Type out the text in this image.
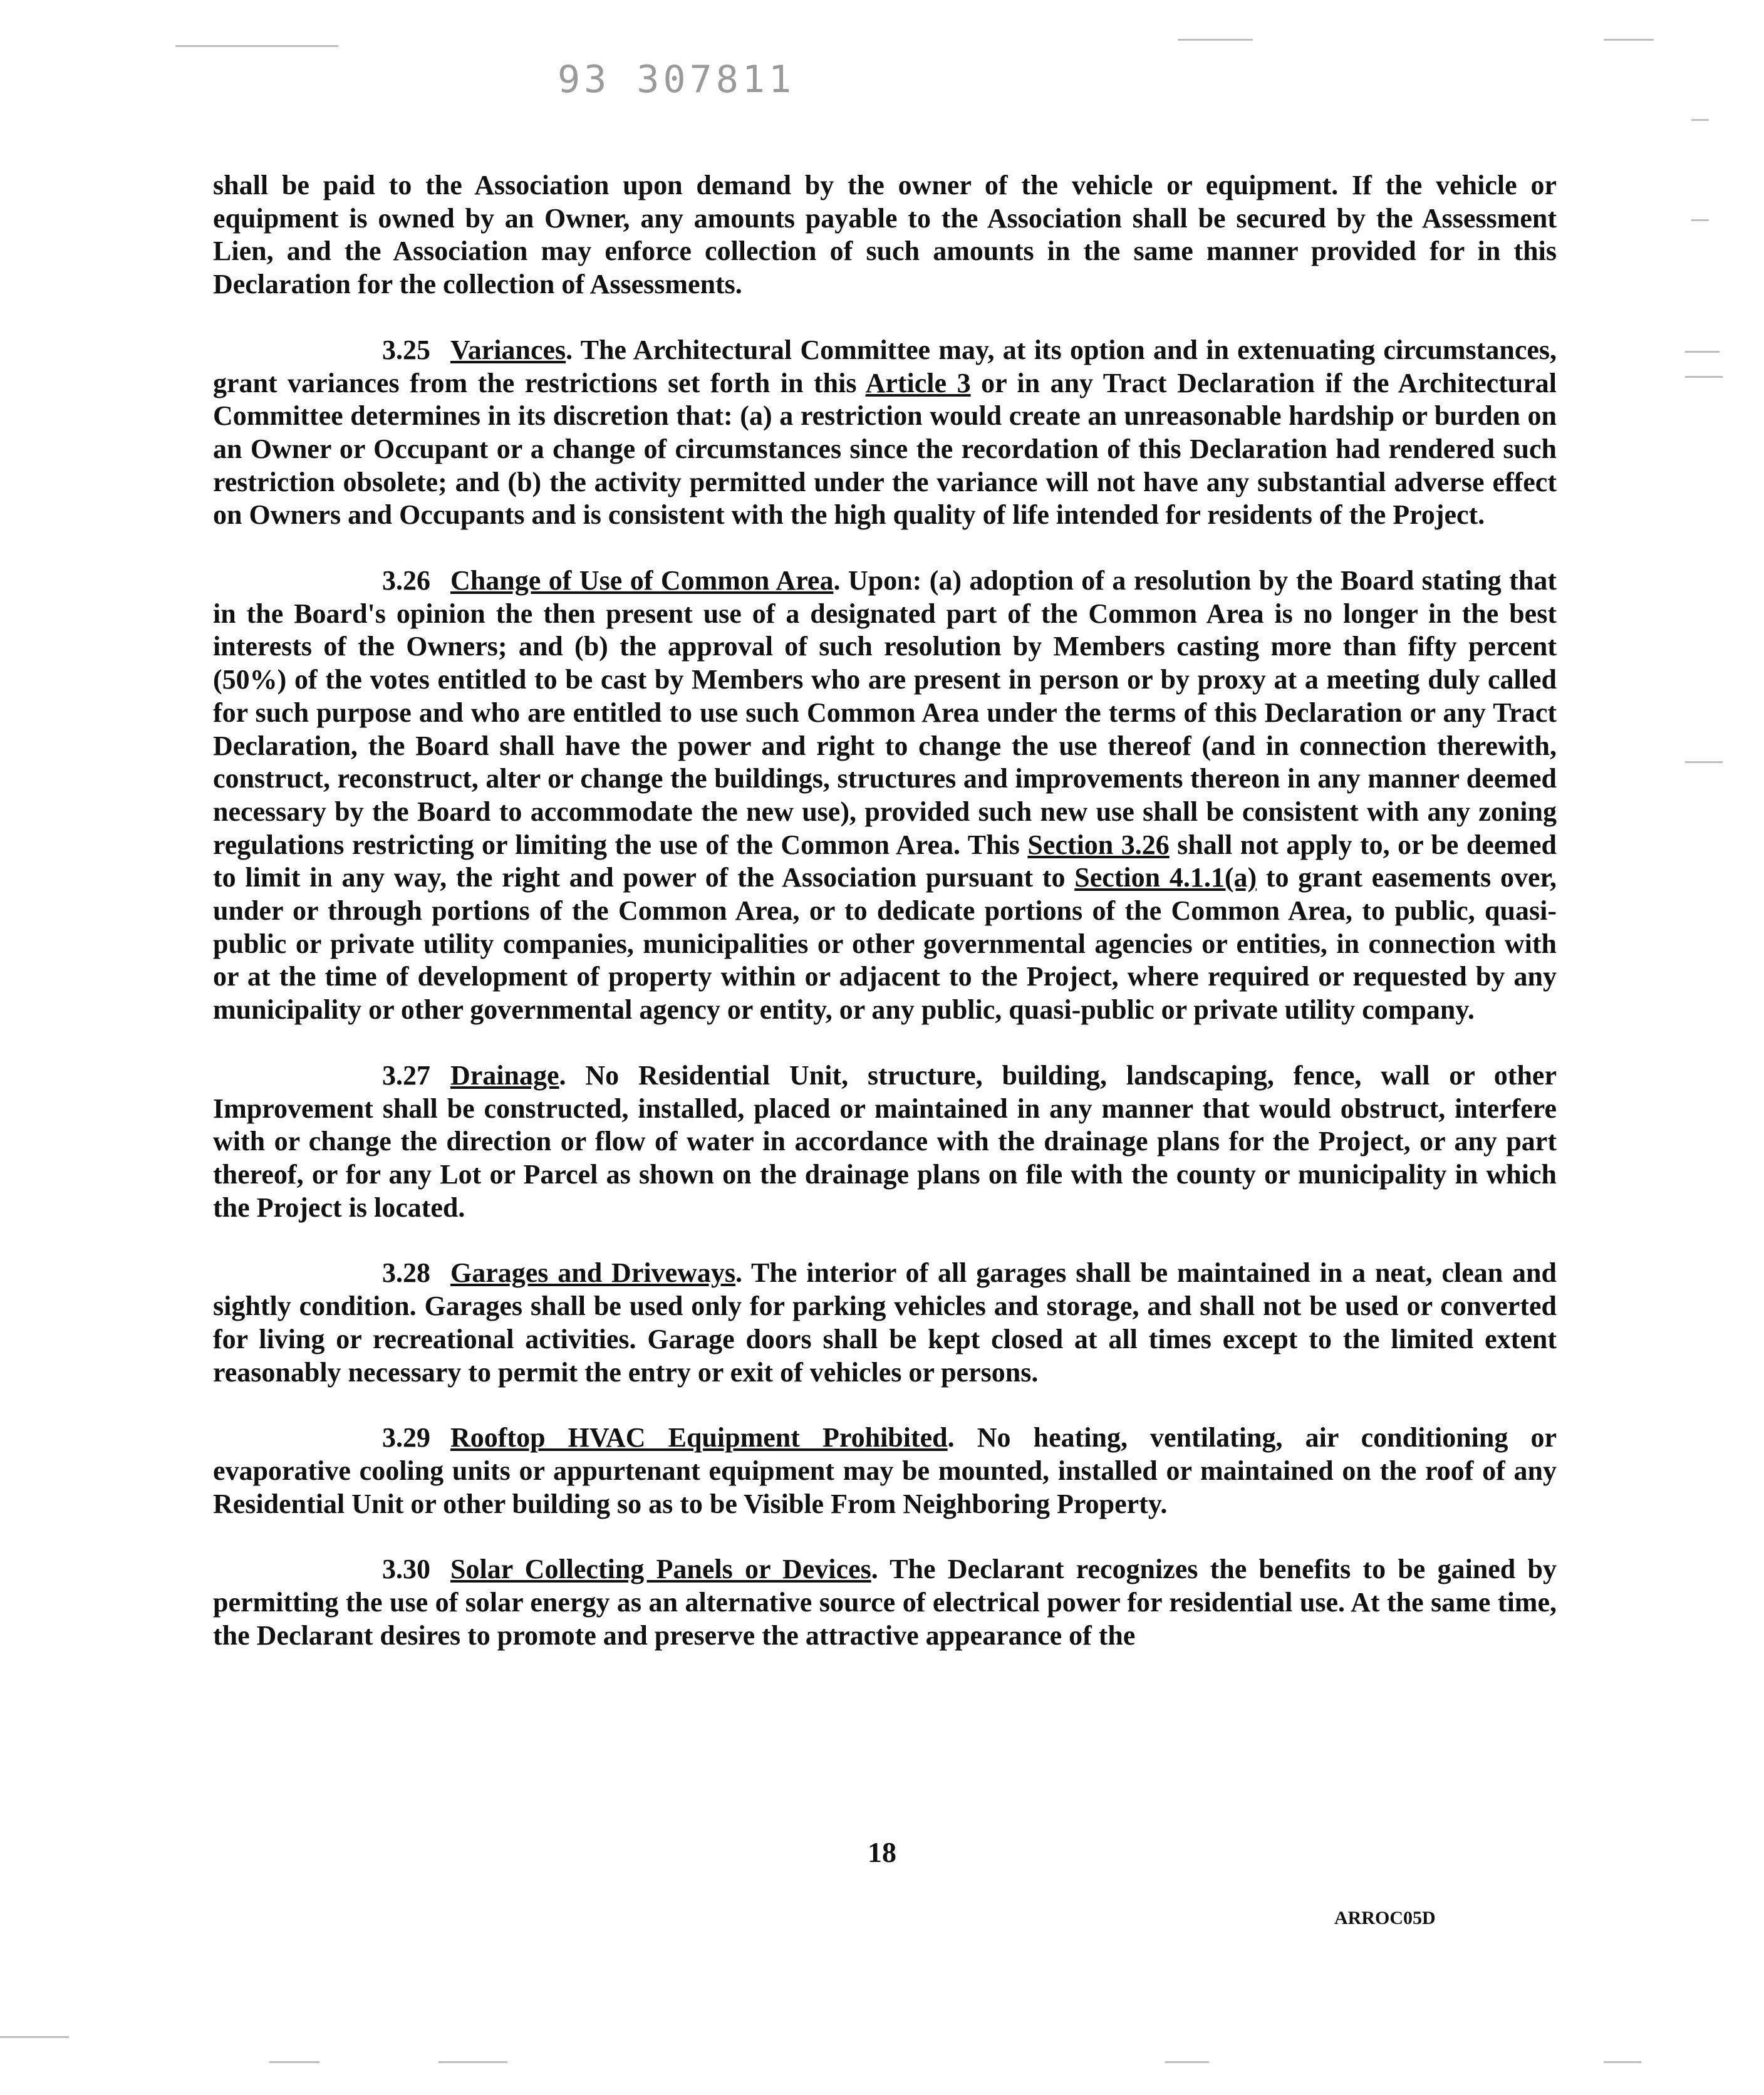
93 307811

shall be paid to the Association upon demand by the owner of the vehicle or equipment. If the vehicle or equipment is owned by an Owner, any amounts payable to the Association shall be secured by the Assessment Lien, and the Association may enforce collection of such amounts in the same manner provided for in this Declaration for the collection of Assessments.

3.25 Variances. The Architectural Committee may, at its option and in extenuating circumstances, grant variances from the restrictions set forth in this Article 3 or in any Tract Declaration if the Architectural Committee determines in its discretion that: (a) a restriction would create an unreasonable hardship or burden on an Owner or Occupant or a change of circumstances since the recordation of this Declaration had rendered such restriction obsolete; and (b) the activity permitted under the variance will not have any substantial adverse effect on Owners and Occupants and is consistent with the high quality of life intended for residents of the Project.

3.26 Change of Use of Common Area. Upon: (a) adoption of a resolution by the Board stating that in the Board's opinion the then present use of a designated part of the Common Area is no longer in the best interests of the Owners; and (b) the approval of such resolution by Members casting more than fifty percent (50%) of the votes entitled to be cast by Members who are present in person or by proxy at a meeting duly called for such purpose and who are entitled to use such Common Area under the terms of this Declaration or any Tract Declaration, the Board shall have the power and right to change the use thereof (and in connection therewith, construct, reconstruct, alter or change the buildings, structures and improvements thereon in any manner deemed necessary by the Board to accommodate the new use), provided such new use shall be consistent with any zoning regulations restricting or limiting the use of the Common Area. This Section 3.26 shall not apply to, or be deemed to limit in any way, the right and power of the Association pursuant to Section 4.1.1(a) to grant easements over, under or through portions of the Common Area, or to dedicate portions of the Common Area, to public, quasi-public or private utility companies, municipalities or other governmental agencies or entities, in connection with or at the time of development of property within or adjacent to the Project, where required or requested by any municipality or other governmental agency or entity, or any public, quasi-public or private utility company.

3.27 Drainage. No Residential Unit, structure, building, landscaping, fence, wall or other Improvement shall be constructed, installed, placed or maintained in any manner that would obstruct, interfere with or change the direction or flow of water in accordance with the drainage plans for the Project, or any part thereof, or for any Lot or Parcel as shown on the drainage plans on file with the county or municipality in which the Project is located.

3.28 Garages and Driveways. The interior of all garages shall be maintained in a neat, clean and sightly condition. Garages shall be used only for parking vehicles and storage, and shall not be used or converted for living or recreational activities. Garage doors shall be kept closed at all times except to the limited extent reasonably necessary to permit the entry or exit of vehicles or persons.

3.29 Rooftop HVAC Equipment Prohibited. No heating, ventilating, air conditioning or evaporative cooling units or appurtenant equipment may be mounted, installed or maintained on the roof of any Residential Unit or other building so as to be Visible From Neighboring Property.

3.30 Solar Collecting Panels or Devices. The Declarant recognizes the benefits to be gained by permitting the use of solar energy as an alternative source of electrical power for residential use. At the same time, the Declarant desires to promote and preserve the attractive appearance of the

18
ARROC05D
